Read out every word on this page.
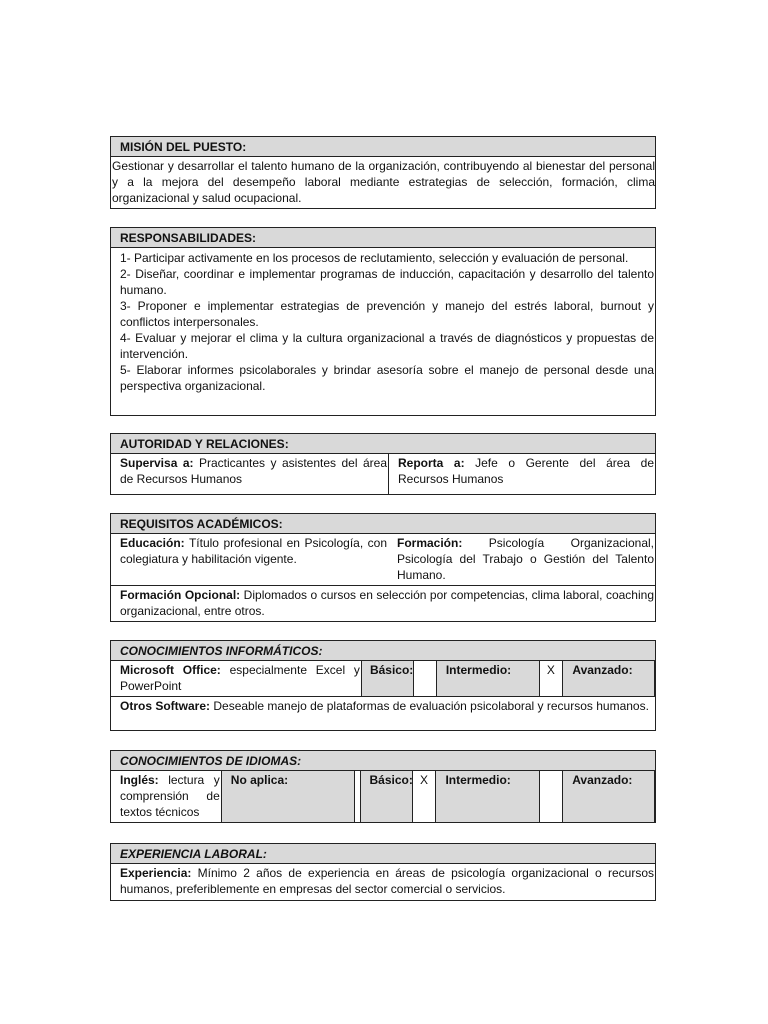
MISIÓN DEL PUESTO:
Gestionar y desarrollar el talento humano de la organización, contribuyendo al bienestar del personal y a la mejora del desempeño laboral mediante estrategias de selección, formación, clima organizacional y salud ocupacional.
RESPONSABILIDADES:
1- Participar activamente en los procesos de reclutamiento, selección y evaluación de personal.
2- Diseñar, coordinar e implementar programas de inducción, capacitación y desarrollo del talento humano.
3- Proponer e implementar estrategias de prevención y manejo del estrés laboral, burnout y conflictos interpersonales.
4- Evaluar y mejorar el clima y la cultura organizacional a través de diagnósticos y propuestas de intervención.
5- Elaborar informes psicolaborales y brindar asesoría sobre el manejo de personal desde una perspectiva organizacional.
AUTORIDAD Y RELACIONES:
Supervisa a: Practicantes y asistentes del área de Recursos Humanos
Reporta a: Jefe o Gerente del área de Recursos Humanos
REQUISITOS ACADÉMICOS:
Educación: Título profesional en Psicología, con colegiatura y habilitación vigente.
Formación: Psicología Organizacional, Psicología del Trabajo o Gestión del Talento Humano.
Formación Opcional: Diplomados o cursos en selección por competencias, clima laboral, coaching organizacional, entre otros.
CONOCIMIENTOS INFORMÁTICOS:
Microsoft Office: especialmente Excel y PowerPoint
Básico:	Intermedio:	X	Avanzado:
Otros Software: Deseable manejo de plataformas de evaluación psicolaboral y recursos humanos.
CONOCIMIENTOS DE IDIOMAS:
Inglés: lectura y comprensión de textos técnicos
No aplica:	Básico: X	Intermedio:	Avanzado:
EXPERIENCIA LABORAL:
Experiencia: Mínimo 2 años de experiencia en áreas de psicología organizacional o recursos humanos, preferiblemente en empresas del sector comercial o servicios.
